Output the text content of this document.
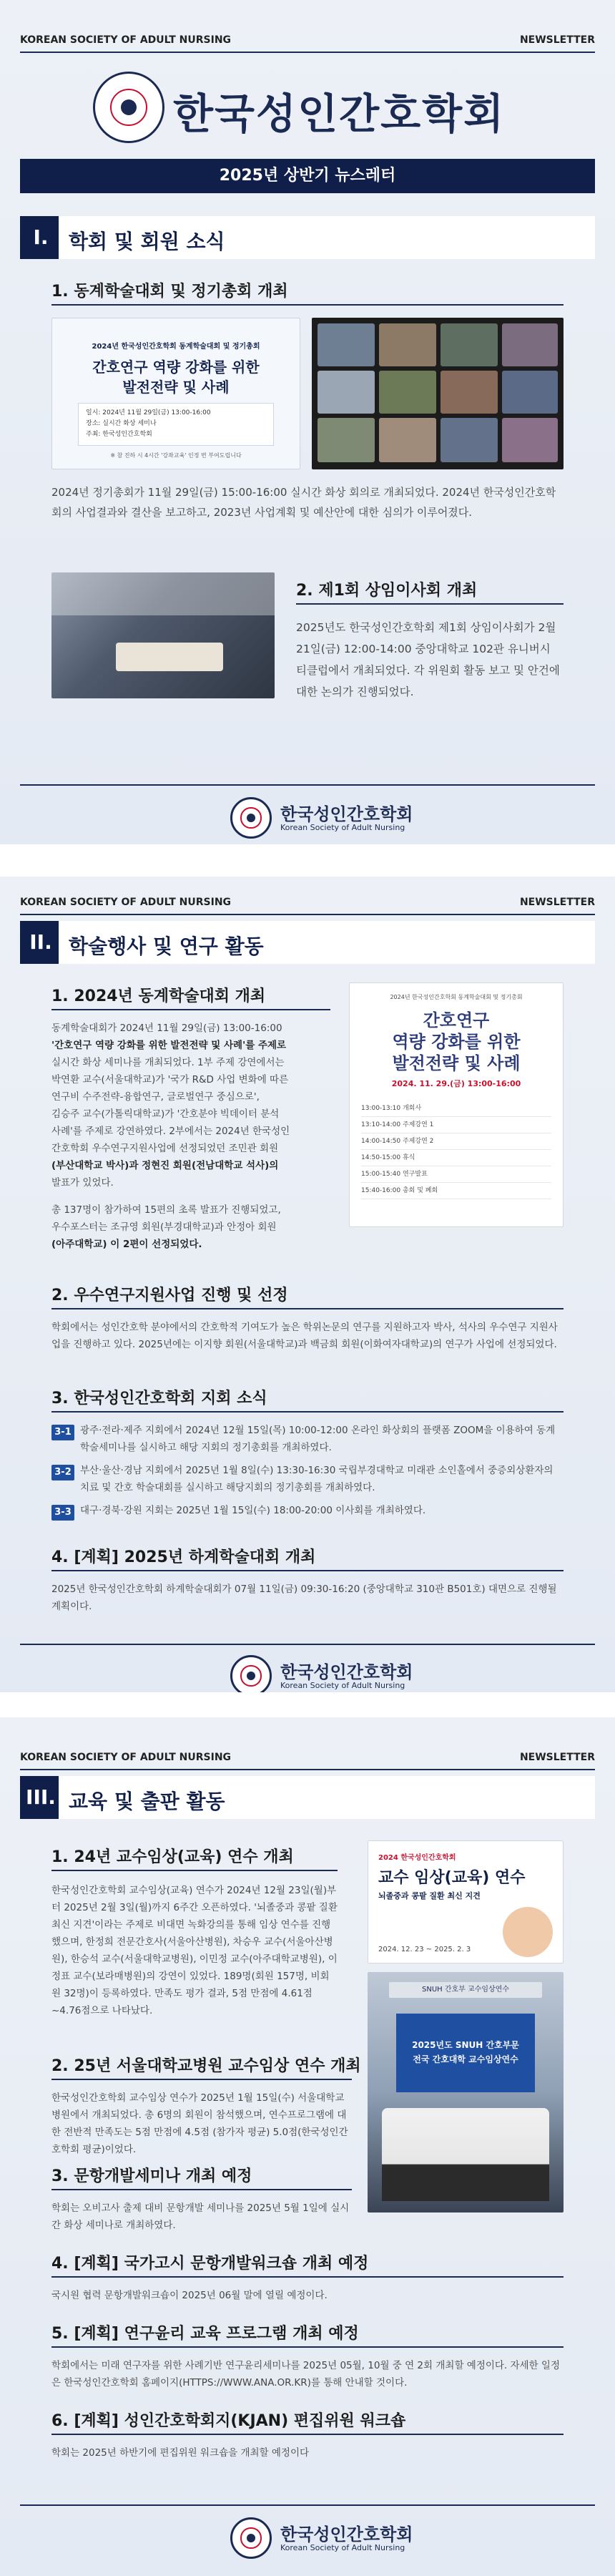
KOREAN SOCIETY OF ADULT NURSING	NEWSLETTER
한국성인간호학회
2025년 상반기 뉴스레터
I.	학회 및 회원 소식
1. 동계학술대회 및 정기총회 개최
2024년 한국성인간호학회 동계학술대회 및 정기총회
간호연구 역량 강화를 위한
발전전략 및 사례
일시: 2024년 11월 29일(금) 13:00-16:00
장소: 실시간 화상 세미나
주최: 한국성인간호학회
※ 참 진하 시 4시간 '강좌교육' 인정 번 부여도립니다
2024년 정기총회가 11월 29일(금) 15:00-16:00 실시간 화상 회의로 개최되었다. 2024년 한국성인간호학회의 사업결과와 결산을 보고하고, 2023년 사업계획 및 예산안에 대한 심의가 이루어졌다.
2. 제1회 상임이사회 개최
2025년도 한국성인간호학회 제1회 상임이사회가 2월 21일(금) 12:00-14:00 중앙대학교 102관 유니버시티클럽에서 개최되었다. 각 위원회 활동 보고 및 안건에 대한 논의가 진행되었다.
한국성인간호학회
Korean Society of Adult Nursing
KOREAN SOCIETY OF ADULT NURSING	NEWSLETTER
II. 학술행사 및 연구 활동
1. 2024년 동계학술대회 개최
동계학술대회가 2024년 11월 29일(금) 13:00-16:00
'간호연구 역량 강화를 위한 발전전략 및 사례'를 주제로
실시간 화상 세미나를 개최되었다. 1부 주제 강연에서는
박연환 교수(서울대학교)가 '국가 R&D 사업 변화에 따른
연구비 수주전략-융합연구, 글로벌연구 중심으로',
김승주 교수(가톨릭대학교)가 '간호분야 빅데이터 분석
사례'를 주제로 강연하였다. 2부에서는 2024년 한국성인
간호학회 우수연구지원사업에 선정되었던 조민관 회원
(부산대학교 박사)과 정현진 회원(전남대학교 석사)의
발표가 있었다.
총 137명이 참가하여 15편의 초록 발표가 진행되었고,
우수포스터는 조규영 회원(부경대학교)과 안정아 회원
(아주대학교) 이 2편이 선정되었다.
2024년 한국성인간호학회 동계학술대회 및 정기총회
간호연구
역량 강화를 위한
발전전략 및 사례
2024. 11. 29.(금) 13:00-16:00
13:00-13:10 개회사
13:10-14:00 주제강연 1
14:00-14:50 주제강연 2
14:50-15:00 휴식
15:00-15:40 연구발표
15:40-16:00 총회 및 폐회
2. 우수연구지원사업 진행 및 선정
학회에서는 성인간호학 분야에서의 간호학적 기여도가 높은 학위논문의 연구를 지원하고자 박사, 석사의 우수연구 지원사업을 진행하고 있다. 2025년에는 이지향 회원(서울대학교)과 백금희 회원(이화여자대학교)의 연구가 사업에 선정되었다.
3. 한국성인간호학회 지회 소식
3-1 광주·전라·제주 지회에서 2024년 12월 15일(목) 10:00-12:00 온라인 화상회의 플랫폼 ZOOM을 이용하여 동계학술세미나를 실시하고 해당 지회의 정기총회를 개최하였다.
3-2 부산·울산·경남 지회에서 2025년 1월 8일(수) 13:30-16:30 국립부경대학교 미래관 소인홀에서 중증외상환자의 치료 및 간호 학술대회를 실시하고 해당지회의 정기총회를 개최하였다.
3-3 대구·경북·강원 지회는 2025년 1월 15일(수) 18:00-20:00 이사회를 개최하였다.
4. [계획] 2025년 하계학술대회 개최
2025년 한국성인간호학회 하계학술대회가 07월 11일(금) 09:30-16:20 (중앙대학교 310관 B501호) 대면으로 진행될 계획이다.
한국성인간호학회
Korean Society of Adult Nursing
KOREAN SOCIETY OF ADULT NURSING	NEWSLETTER
III. 교육 및 출판 활동
1. 24년 교수임상(교육) 연수 개최
한국성인간호학회 교수임상(교육) 연수가 2024년 12월 23일(월)부터 2025년 2월 3일(월)까지 6주간 오픈하였다. '뇌졸중과 콩팥 질환 최신 지견'이라는 주제로 비대면 녹화강의를 통해 임상 연수를 진행했으며, 한정희 전문간호사(서울아산병원), 차승우 교수(서울아산병원), 한승석 교수(서울대학교병원), 이민정 교수(아주대학교병원), 이정표 교수(보라매병원)의 강연이 있었다. 189명(회원 157명, 비회원 32명)이 등록하였다. 만족도 평가 결과, 5점 만점에 4.61점~4.76점으로 나타났다.
2024 한국성인간호학회
교수 임상(교육) 연수
뇌졸중과 콩팥 질환 최신 지견
2024. 12. 23 ~ 2025. 2. 3
SNUH 간호부 교수임상연수
2025년도 SNUH 간호부문
전국 간호대학 교수임상연수
2. 25년 서울대학교병원 교수임상 연수 개최
한국성인간호학회 교수임상 연수가 2025년 1월 15일(수) 서울대학교병원에서 개최되었다. 총 6명의 회원이 참석했으며, 연수프로그램에 대한 전반적 만족도는 5점 만점에 4.5점 (참가자 평균) 5.0점(한국성인간호학회 평균)이었다.
3. 문항개발세미나 개최 예정
학회는 오비고사 출제 대비 문항개발 세미나를 2025년 5월 1일에 실시간 화상 세미나로 개최하였다.
4. [계획] 국가고시 문항개발워크숍 개최 예정
국시원 협력 문항개발워크숍이 2025년 06월 말에 열릴 예정이다.
5. [계획] 연구윤리 교육 프로그램 개최 예정
학회에서는 미래 연구자를 위한 사례기반 연구윤리세미나를 2025년 05월, 10월 중 연 2회 개최할 예정이다. 자세한 일정은 한국성인간호학회 홈페이지(HTTPS://WWW.ANA.OR.KR)를 통해 안내할 것이다.
6. [계획] 성인간호학회지(KJAN) 편집위원 워크숍
학회는 2025년 하반기에 편집위원 워크숍을 개최할 예정이다
한국성인간호학회
Korean Society of Adult Nursing
